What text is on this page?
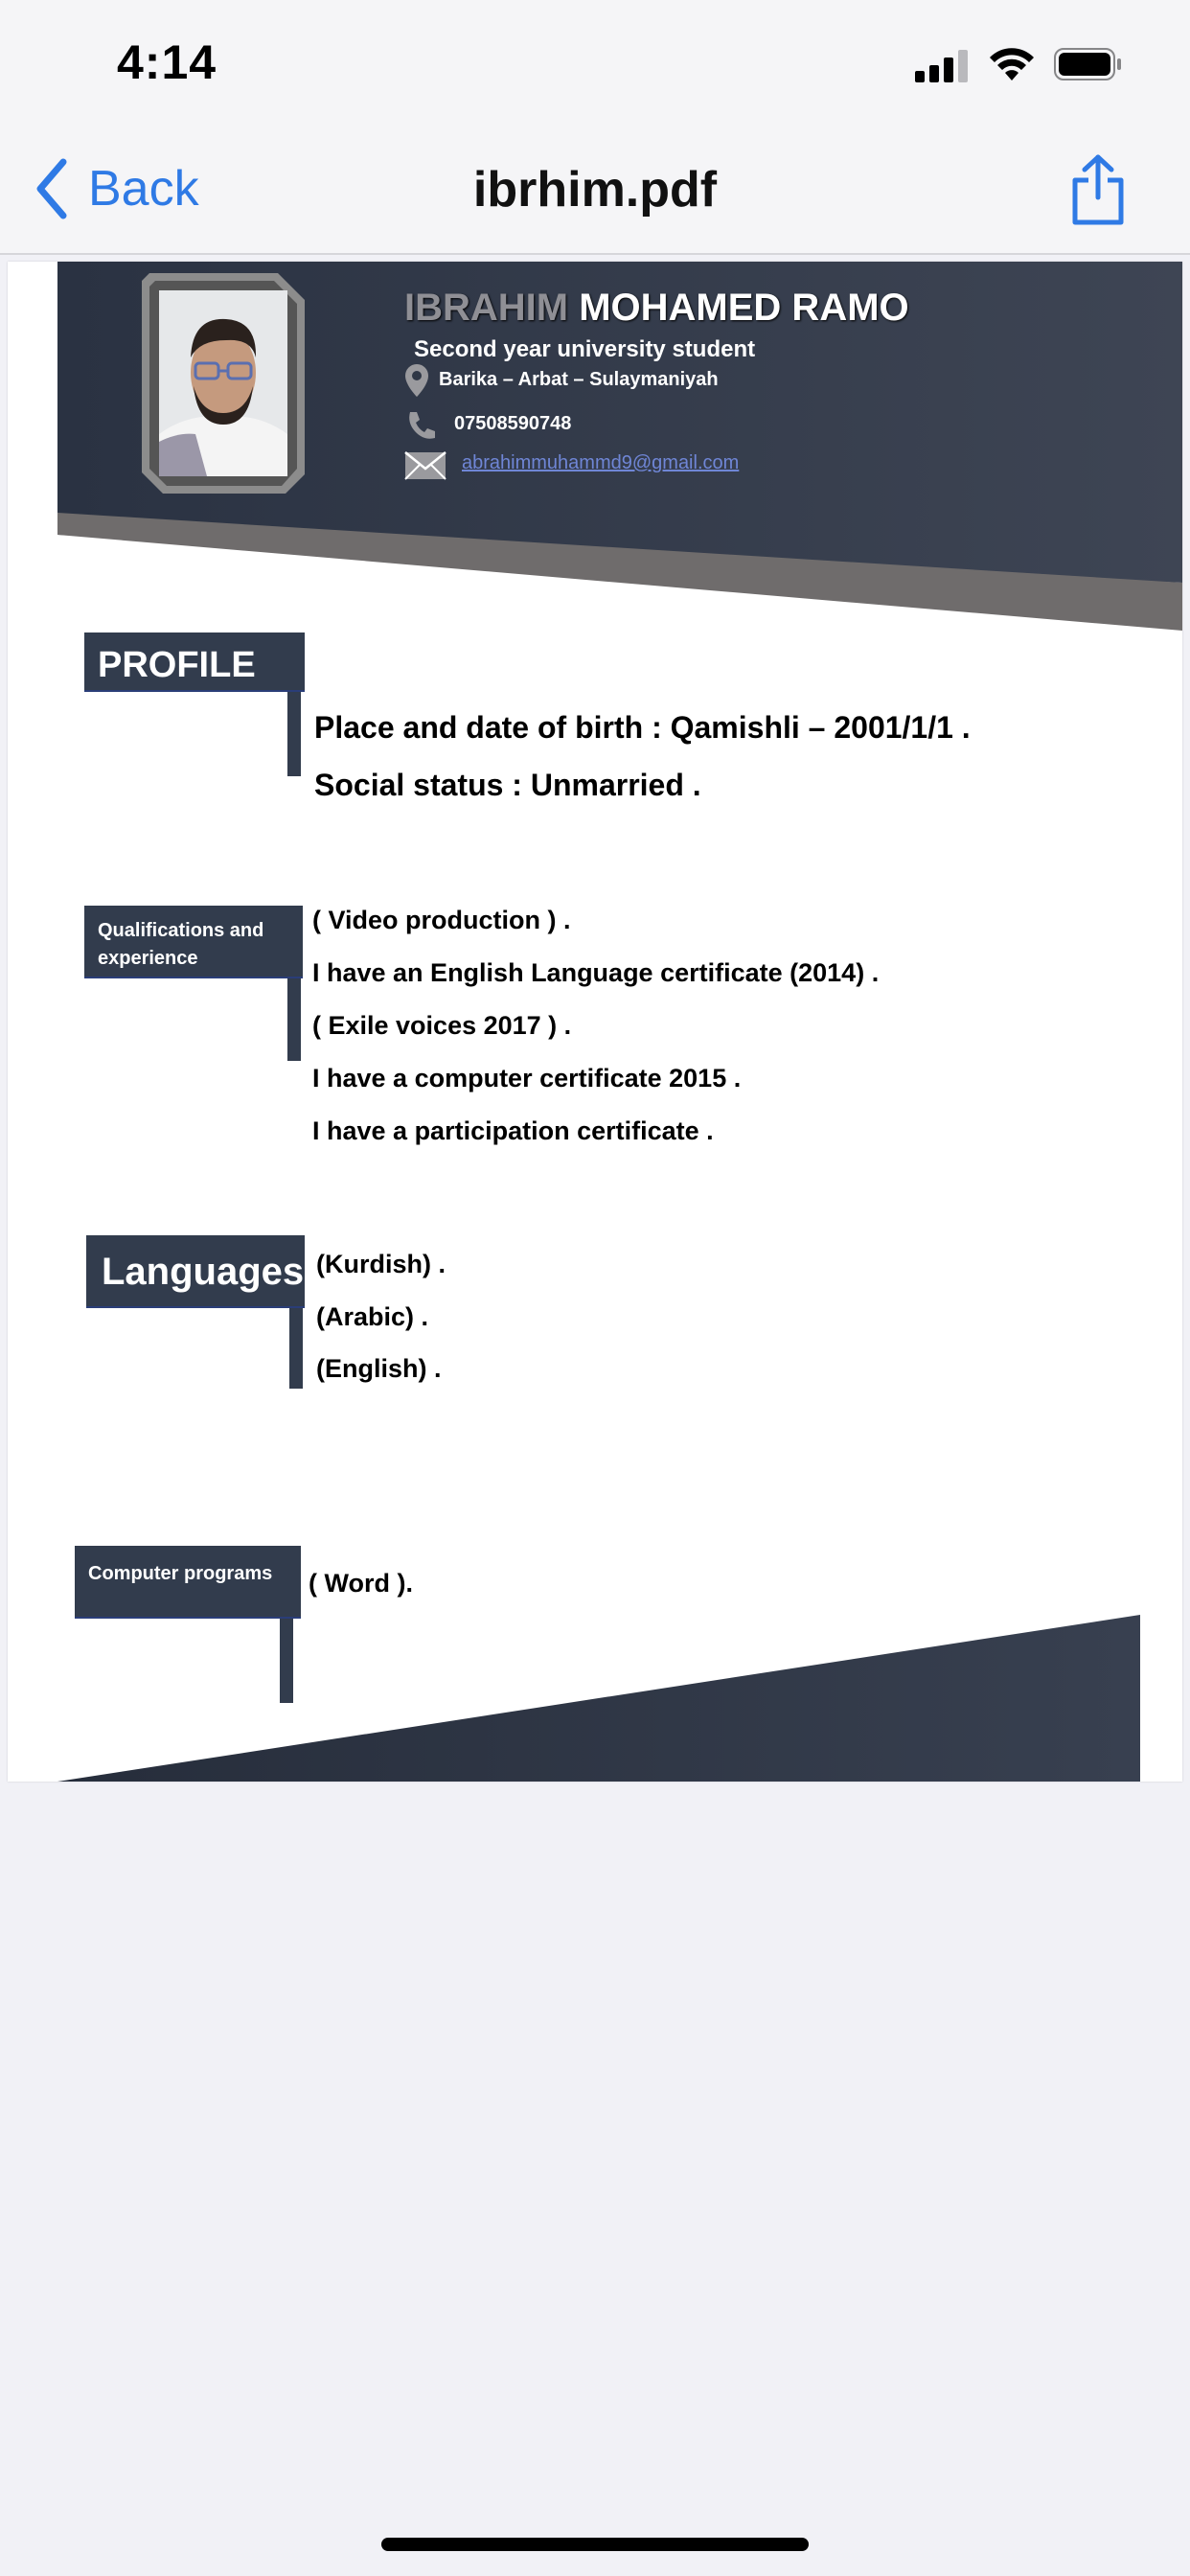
4:14
Back	ibrhim.pdf
IBRAHIM MOHAMED RAMO
Second year university student
Barika – Arbat – Sulaymaniyah
07508590748
abrahimmuhammd9@gmail.com
PROFILE
Place and date of birth : Qamishli – 2001/1/1 .
Social status : Unmarried .
Qualifications and
experience
( Video production ) .
I have an English Language certificate (2014) .
( Exile voices 2017 ) .
I have a computer certificate 2015 .
I have a participation certificate .
Languages (Kurdish) .
(Arabic) .
(English) .
Computer programs	( Word ).
